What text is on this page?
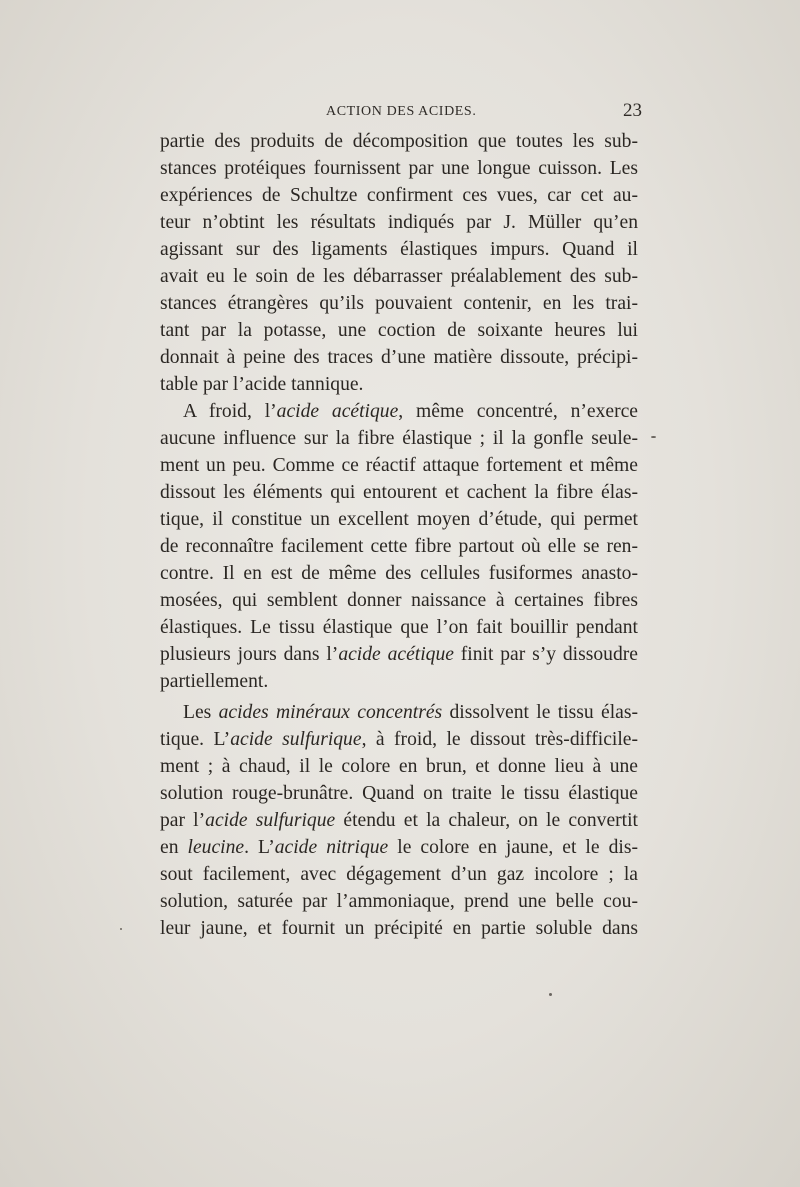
ACTION DES ACIDES.	23
partie des produits de décomposition que toutes les sub-
stances protéiques fournissent par une longue cuisson. Les
expériences de Schultze confirment ces vues, car cet au-
teur n’obtint les résultats indiqués par J. Müller qu’en
agissant sur des ligaments élastiques impurs. Quand il
avait eu le soin de les débarrasser préalablement des sub-
stances étrangères qu’ils pouvaient contenir, en les trai-
tant par la potasse, une coction de soixante heures lui
donnait à peine des traces d’une matière dissoute, précipi-
table par l’acide tannique.
A froid, l’acide acétique, même concentré, n’exerce
aucune influence sur la fibre élastique ; il la gonfle seule-
ment un peu. Comme ce réactif attaque fortement et même
dissout les éléments qui entourent et cachent la fibre élas-
tique, il constitue un excellent moyen d’étude, qui permet
de reconnaître facilement cette fibre partout où elle se ren-
contre. Il en est de même des cellules fusiformes anasto-
mosées, qui semblent donner naissance à certaines fibres
élastiques. Le tissu élastique que l’on fait bouillir pendant
plusieurs jours dans l’acide acétique finit par s’y dissoudre
partiellement.
Les acides minéraux concentrés dissolvent le tissu élas-
tique. L’acide sulfurique, à froid, le dissout très-difficile-
ment ; à chaud, il le colore en brun, et donne lieu à une
solution rouge-brunâtre. Quand on traite le tissu élastique
par l’acide sulfurique étendu et la chaleur, on le convertit
en leucine. L’acide nitrique le colore en jaune, et le dis-
sout facilement, avec dégagement d’un gaz incolore ; la
solution, saturée par l’ammoniaque, prend une belle cou-
leur jaune, et fournit un précipité en partie soluble dans
